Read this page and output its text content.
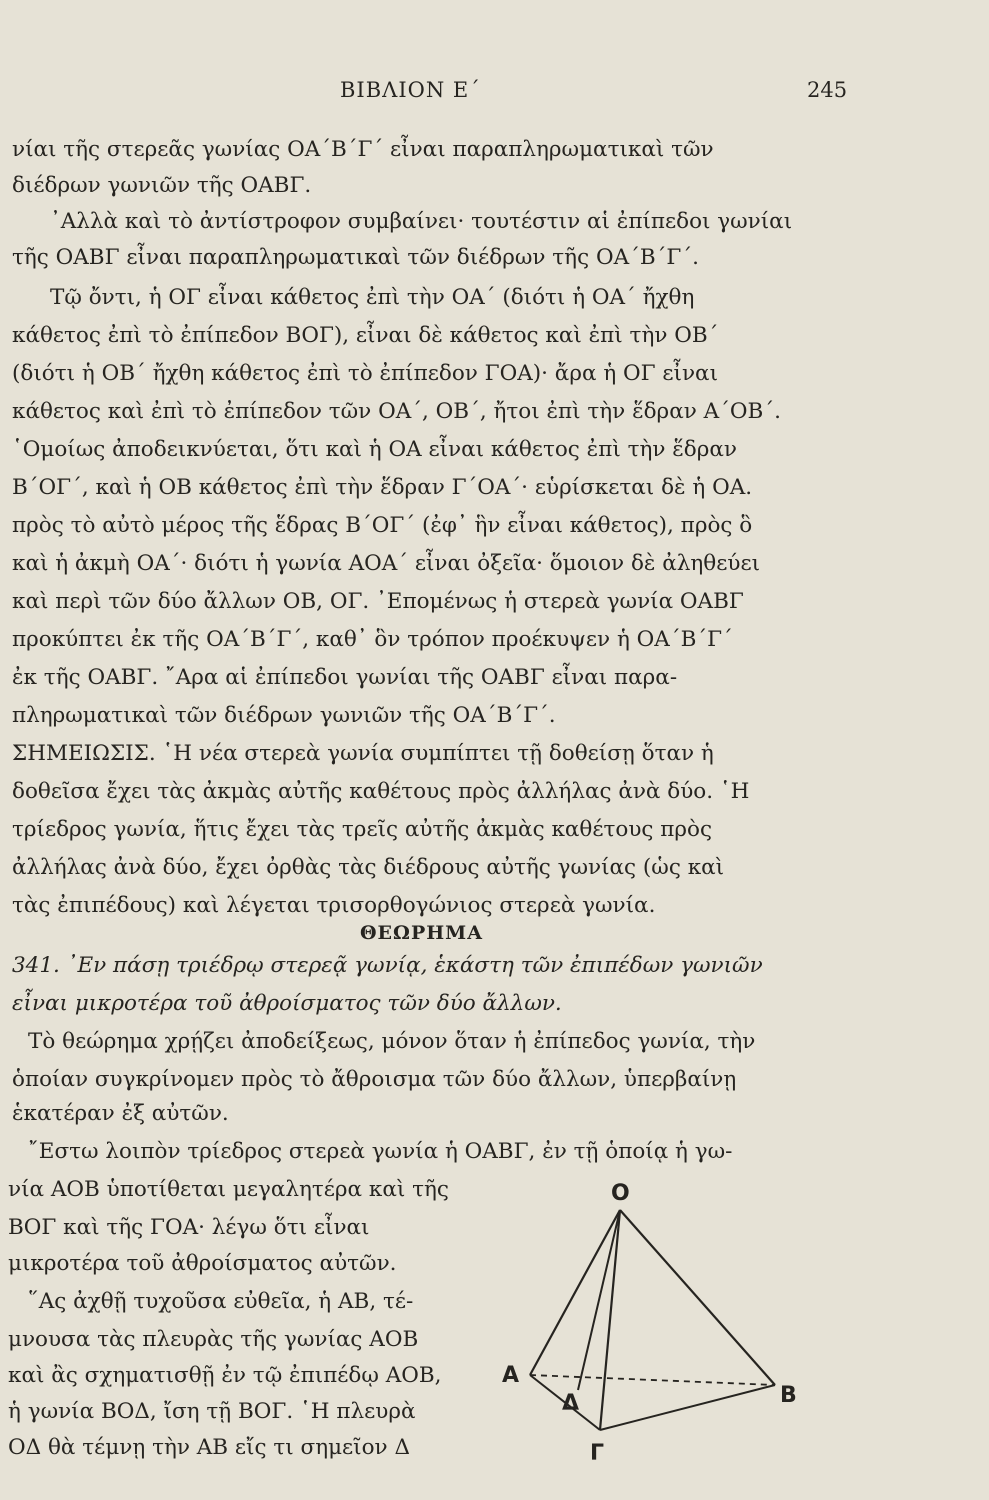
ΒΙΒΛΙΟΝ Ε΄	245
νίαι τῆς στερεᾶς γωνίας ΟΑ΄Β΄Γ΄ εἶναι παραπληρωματικαὶ τῶν
διέδρων γωνιῶν τῆς ΟΑΒΓ.
᾿Αλλὰ καὶ τὸ ἀντίστροφον συμβαίνει· τουτέστιν αἱ ἐπίπεδοι γωνίαι
τῆς ΟΑΒΓ εἶναι παραπληρωματικαὶ τῶν διέδρων τῆς ΟΑ΄Β΄Γ΄.
Τῷ ὄντι, ἡ ΟΓ εἶναι κάθετος ἐπὶ τὴν ΟΑ΄ (διότι ἡ ΟΑ΄ ἤχθη
κάθετος ἐπὶ τὸ ἐπίπεδον ΒΟΓ), εἶναι δὲ κάθετος καὶ ἐπὶ τὴν ΟΒ΄
(διότι ἡ ΟΒ΄ ἤχθη κάθετος ἐπὶ τὸ ἐπίπεδον ΓΟΑ)· ἄρα ἡ ΟΓ εἶναι
κάθετος καὶ ἐπὶ τὸ ἐπίπεδον τῶν ΟΑ΄, ΟΒ΄, ἤτοι ἐπὶ τὴν ἕδραν Α΄ΟΒ΄.
῾Ομοίως ἀποδεικνύεται, ὅτι καὶ ἡ ΟΑ εἶναι κάθετος ἐπὶ τὴν ἕδραν
Β΄ΟΓ΄, καὶ ἡ ΟΒ κάθετος ἐπὶ τὴν ἕδραν Γ΄ΟΑ΄· εὑρίσκεται δὲ ἡ ΟΑ.
πρὸς τὸ αὐτὸ μέρος τῆς ἕδρας Β΄ΟΓ΄ (ἐφ᾿ ἣν εἶναι κάθετος), πρὸς ὃ
καὶ ἡ ἀκμὴ ΟΑ΄· διότι ἡ γωνία ΑΟΑ΄ εἶναι ὀξεῖα· ὅμοιον δὲ ἀληθεύει
καὶ περὶ τῶν δύο ἄλλων ΟΒ, ΟΓ. ᾿Επομένως ἡ στερεὰ γωνία ΟΑΒΓ
προκύπτει ἐκ τῆς ΟΑ΄Β΄Γ΄, καθ᾿ ὃν τρόπον προέκυψεν ἡ ΟΑ΄Β΄Γ΄
ἐκ τῆς ΟΑΒΓ. ῎Αρα αἱ ἐπίπεδοι γωνίαι τῆς ΟΑΒΓ εἶναι παρα-
πληρωματικαὶ τῶν διέδρων γωνιῶν τῆς ΟΑ΄Β΄Γ΄.
ΣΗΜΕΙΩΣΙΣ. ῾Η νέα στερεὰ γωνία συμπίπτει τῇ δοθείσῃ ὅταν ἡ
δοθεῖσα ἔχει τὰς ἀκμὰς αὐτῆς καθέτους πρὸς ἀλλήλας ἀνὰ δύο. ῾Η
τρίεδρος γωνία, ἥτις ἔχει τὰς τρεῖς αὐτῆς ἀκμὰς καθέτους πρὸς
ἀλλήλας ἀνὰ δύο, ἔχει ὀρθὰς τὰς διέδρους αὐτῆς γωνίας (ὡς καὶ
τὰς ἐπιπέδους) καὶ λέγεται τρισορθογώνιος στερεὰ γωνία.
ΘΕΩΡΗΜΑ
341. ᾿Εν πάσῃ τριέδρῳ στερεᾷ γωνίᾳ, ἑκάστη τῶν ἐπιπέδων γωνιῶν
εἶναι μικροτέρα τοῦ ἀθροίσματος τῶν δύο ἄλλων.
Τὸ θεώρημα χρῄζει ἀποδείξεως, μόνον ὅταν ἡ ἐπίπεδος γωνία, τὴν
ὁποίαν συγκρίνομεν πρὸς τὸ ἄθροισμα τῶν δύο ἄλλων, ὑπερβαίνῃ
ἑκατέραν ἐξ αὐτῶν.
῎Εστω λοιπὸν τρίεδρος στερεὰ γωνία ἡ ΟΑΒΓ, ἐν τῇ ὁποίᾳ ἡ γω-
νία ΑΟΒ ὑποτίθεται μεγαλητέρα καὶ τῆς
ΒΟΓ καὶ τῆς ΓΟΑ· λέγω ὅτι εἶναι
μικροτέρα τοῦ ἀθροίσματος αὐτῶν.
῞Ας ἀχθῇ τυχοῦσα εὐθεῖα, ἡ ΑΒ, τέ-
μνουσα τὰς πλευρὰς τῆς γωνίας ΑΟΒ
καὶ ἂς σχηματισθῇ ἐν τῷ ἐπιπέδῳ ΑΟΒ,
ἡ γωνία ΒΟΔ, ἴση τῇ ΒΟΓ. ῾Η πλευρὰ
ΟΔ θὰ τέμνῃ τὴν ΑΒ εἴς τι σημεῖον Δ
O
A
Δ	B
Γ
